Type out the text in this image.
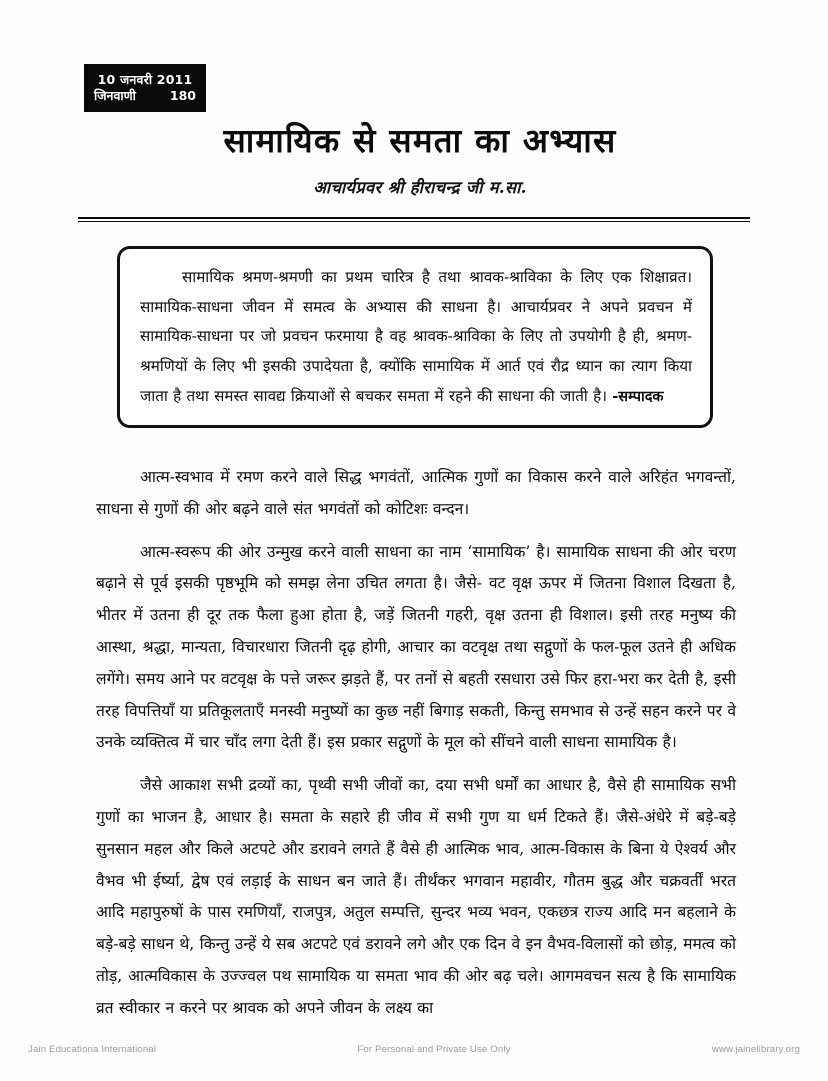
10 जनवरी 2011
जिनवाणी	180
सामायिक से समता का अभ्यास
आचार्यप्रवर श्री हीराचन्द्र जी म.सा.

सामायिक श्रमण-श्रमणी का प्रथम चारित्र है तथा श्रावक-श्राविका के लिए एक शिक्षाव्रत। सामायिक-साधना जीवन में समत्व के अभ्यास की साधना है। आचार्यप्रवर ने अपने प्रवचन में सामायिक-साधना पर जो प्रवचन फरमाया है वह श्रावक-श्राविका के लिए तो उपयोगी है ही, श्रमण-श्रमणियों के लिए भी इसकी उपादेयता है, क्योंकि सामायिक में आर्त एवं रौद्र ध्यान का त्याग किया जाता है तथा समस्त सावद्य क्रियाओं से बचकर समता में रहने की साधना की जाती है। -सम्पादक

आत्म-स्वभाव में रमण करने वाले सिद्ध भगवंतों, आत्मिक गुणों का विकास करने वाले अरिहंत भगवन्तों, साधना से गुणों की ओर बढ़ने वाले संत भगवंतों को कोटिशः वन्दन।

आत्म-स्वरूप की ओर उन्मुख करने वाली साधना का नाम ‘सामायिक’ है। सामायिक साधना की ओर चरण बढ़ाने से पूर्व इसकी पृष्ठभूमि को समझ लेना उचित लगता है। जैसे- वट वृक्ष ऊपर में जितना विशाल दिखता है, भीतर में उतना ही दूर तक फैला हुआ होता है, जड़ें जितनी गहरी, वृक्ष उतना ही विशाल। इसी तरह मनुष्य की आस्था, श्रद्धा, मान्यता, विचारधारा जितनी दृढ़ होगी, आचार का वटवृक्ष तथा सद्गुणों के फल-फूल उतने ही अधिक लगेंगे। समय आने पर वटवृक्ष के पत्ते जरूर झड़ते हैं, पर तनों से बहती रसधारा उसे फिर हरा-भरा कर देती है, इसी तरह विपत्तियाँ या प्रतिकूलताएँ मनस्वी मनुष्यों का कुछ नहीं बिगाड़ सकती, किन्तु समभाव से उन्हें सहन करने पर वे उनके व्यक्तित्व में चार चाँद लगा देती हैं। इस प्रकार सद्गुणों के मूल को सींचने वाली साधना सामायिक है।

जैसे आकाश सभी द्रव्यों का, पृथ्वी सभी जीवों का, दया सभी धर्मों का आधार है, वैसे ही सामायिक सभी गुणों का भाजन है, आधार है। समता के सहारे ही जीव में सभी गुण या धर्म टिकते हैं। जैसे-अंधेरे में बड़े-बड़े सुनसान महल और किले अटपटे और डरावने लगते हैं वैसे ही आत्मिक भाव, आत्म-विकास के बिना ये ऐश्वर्य और वैभव भी ईर्ष्या, द्वेष एवं लड़ाई के साधन बन जाते हैं। तीर्थंकर भगवान महावीर, गौतम बुद्ध और चक्रवर्तीं भरत आदि महापुरुषों के पास रमणियाँ, राजपुत्र, अतुल सम्पत्ति, सुन्दर भव्य भवन, एकछत्र राज्य आदि मन बहलाने के बड़े-बड़े साधन थे, किन्तु उन्हें ये सब अटपटे एवं डरावने लगे और एक दिन वे इन वैभव-विलासों को छोड़, ममत्व को तोड़, आत्मविकास के उज्ज्वल पथ सामायिक या समता भाव की ओर बढ़ चले। आगमवचन सत्य है कि सामायिक व्रत स्वीकार न करने पर श्रावक को अपने जीवन के लक्ष्य का

Jain Educationa International	For Personal and Private Use Only	www.jainelibrary.org
